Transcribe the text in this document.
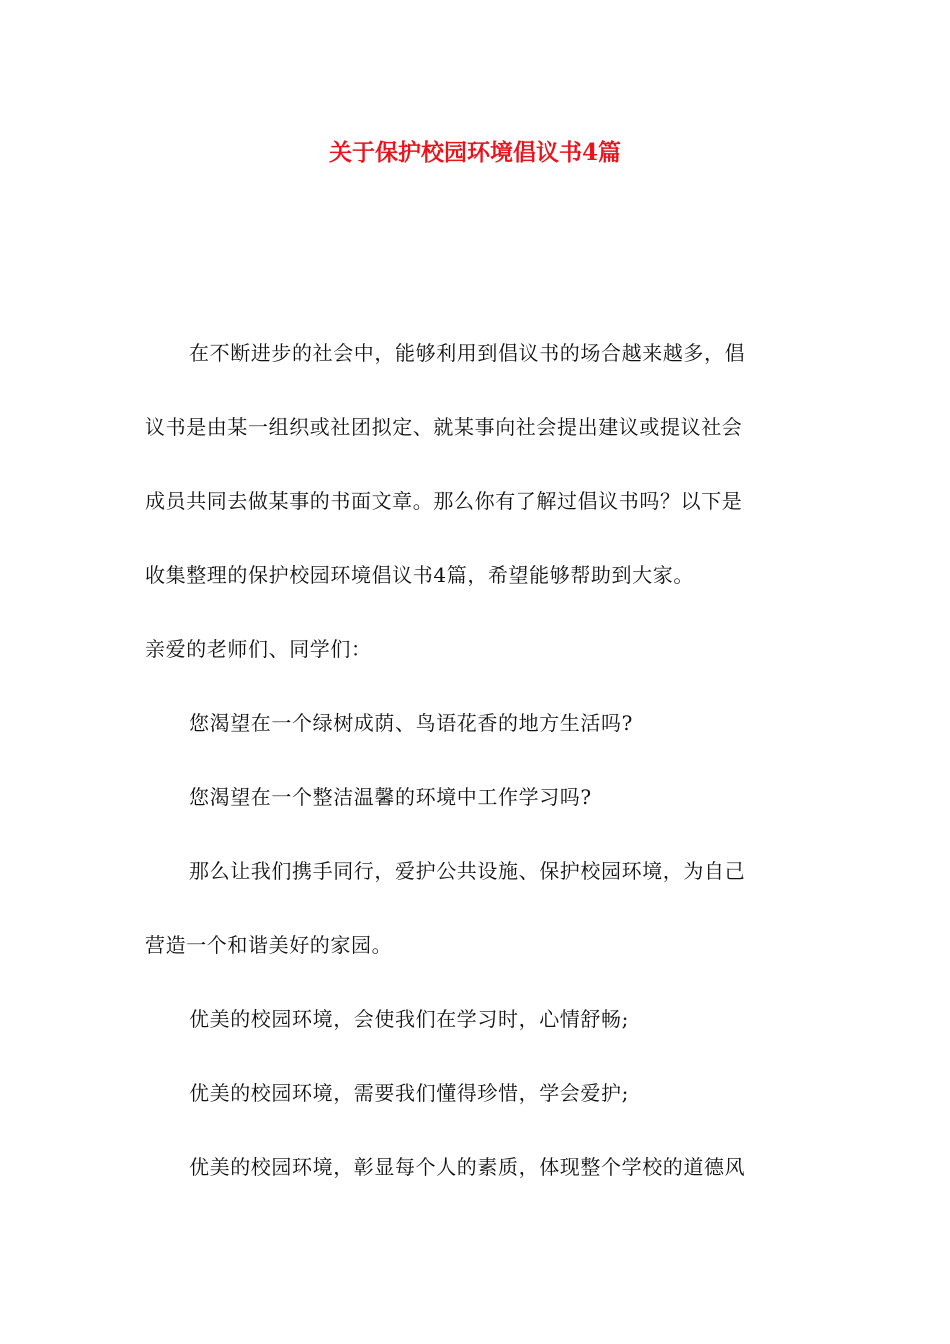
关于保护校园环境倡议书4篇

在不断进步的社会中，能够利用到倡议书的场合越来越多，倡

议书是由某一组织或社团拟定、就某事向社会提出建议或提议社会

成员共同去做某事的书面文章。那么你有了解过倡议书吗？以下是

收集整理的保护校园环境倡议书4篇，希望能够帮助到大家。

亲爱的老师们、同学们：

您渴望在一个绿树成荫、鸟语花香的地方生活吗?

您渴望在一个整洁温馨的环境中工作学习吗?

那么让我们携手同行，爱护公共设施、保护校园环境，为自己

营造一个和谐美好的家园。

优美的校园环境，会使我们在学习时，心情舒畅;

优美的校园环境，需要我们懂得珍惜，学会爱护;

优美的校园环境，彰显每个人的素质，体现整个学校的道德风
